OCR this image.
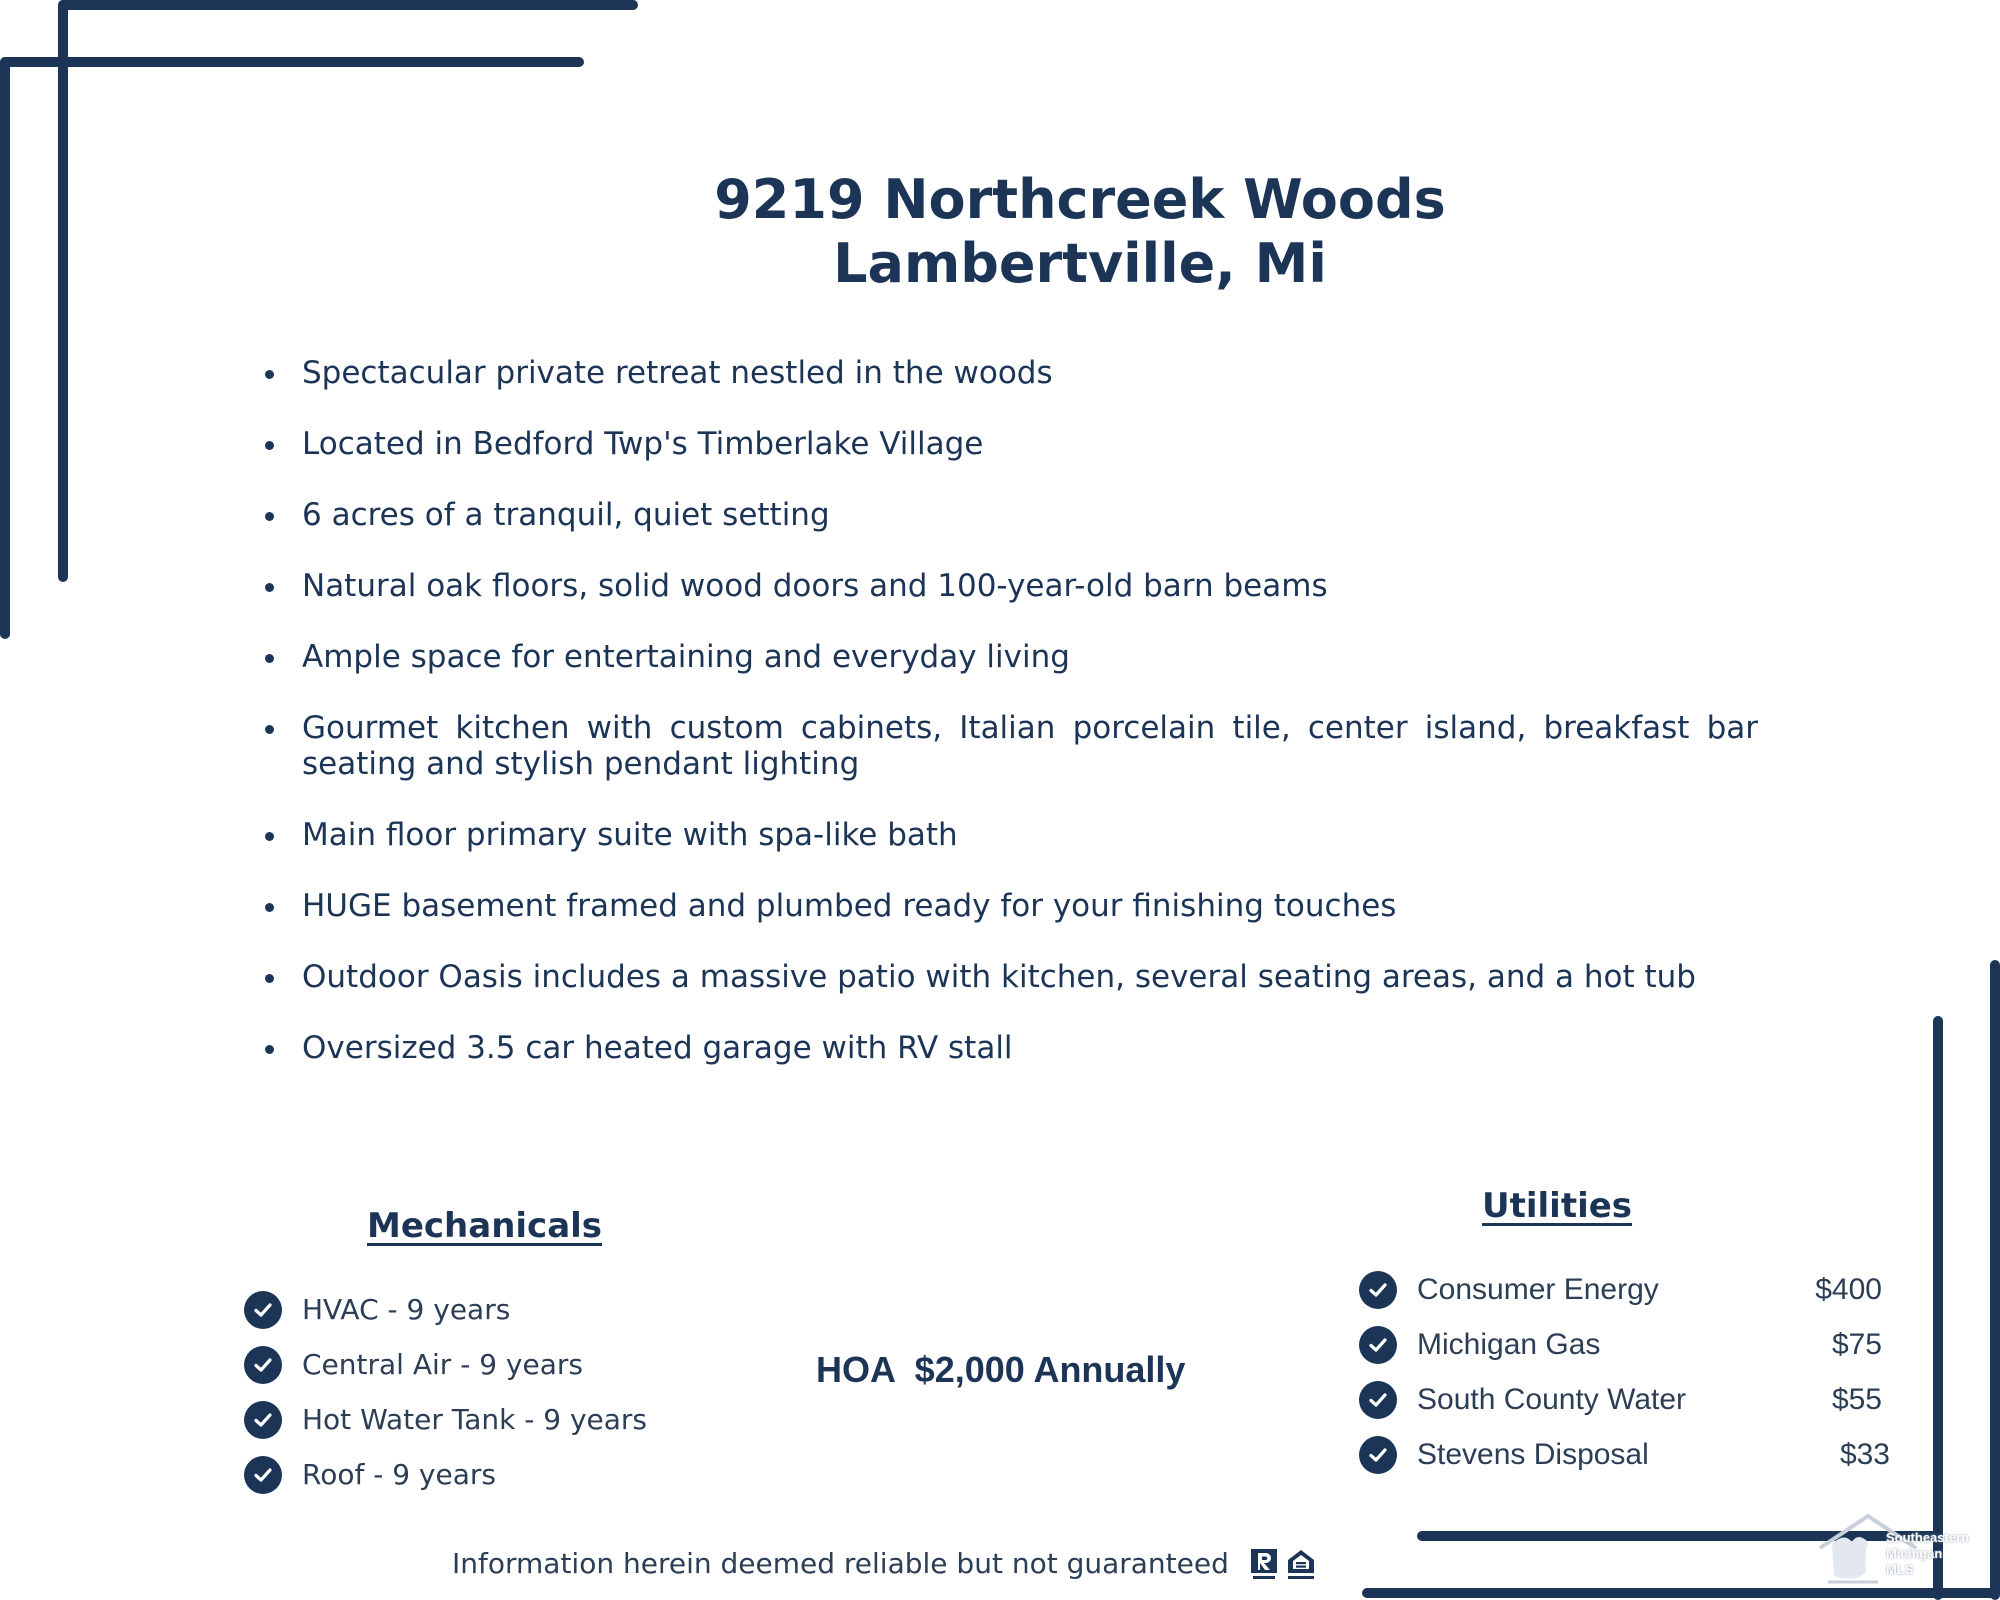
9219 Northcreek Woods
Lambertville, Mi
Spectacular private retreat nestled in the woods
Located in Bedford Twp's Timberlake Village
6 acres of a tranquil, quiet setting
Natural oak floors, solid wood doors and 100-year-old barn beams
Ample space for entertaining and everyday living
Gourmet kitchen with custom cabinets, Italian porcelain tile, center island, breakfast bar seating and stylish pendant lighting
Main floor primary suite with spa-like bath
HUGE basement framed and plumbed ready for your finishing touches
Outdoor Oasis includes a massive patio with kitchen, several seating areas, and a hot tub
Oversized 3.5 car heated garage with RV stall
Mechanicals
HVAC - 9 years
Central Air - 9 years
Hot Water Tank - 9 years
Roof - 9 years
HOA  $2,000 Annually
Utilities
Consumer Energy	$400
Michigan Gas	$75
South County Water	$55
Stevens Disposal	$33
Information herein deemed reliable but not guaranteed
Southeastern
Michigan
MLS
